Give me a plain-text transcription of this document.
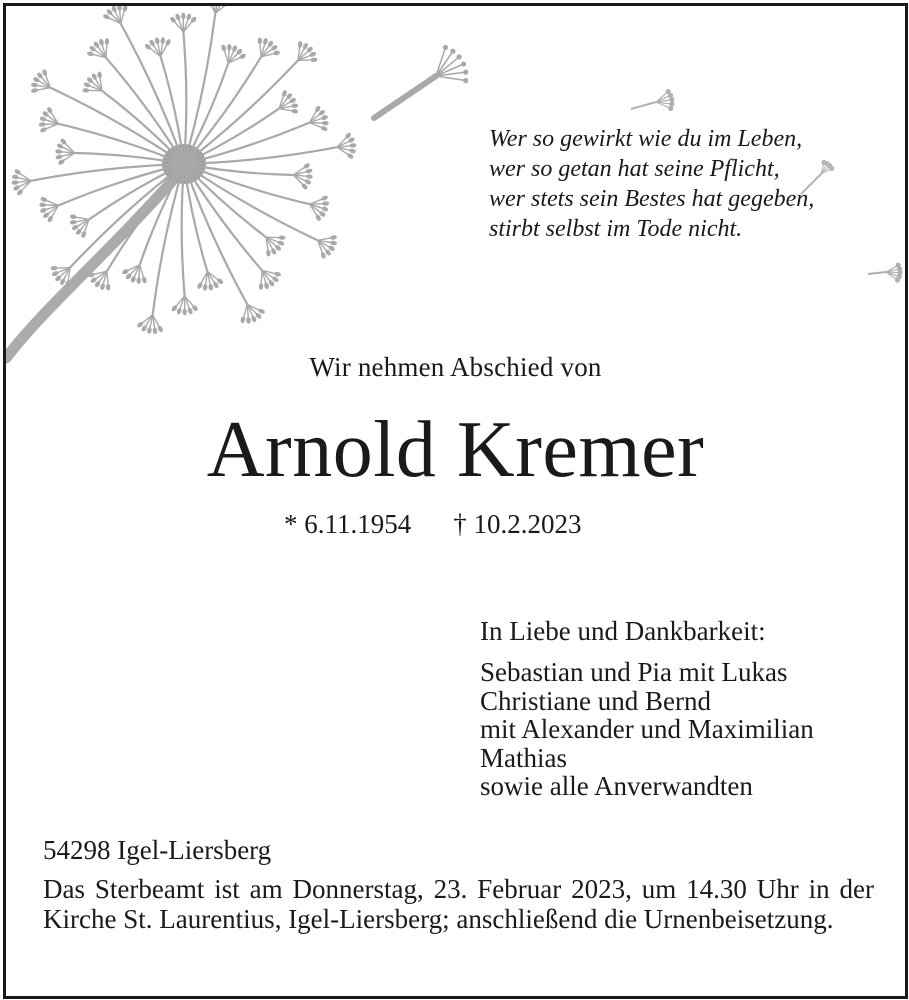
Wer so gewirkt wie du im Leben,
wer so getan hat seine Pflicht,
wer stets sein Bestes hat gegeben,
stirbt selbst im Tode nicht.
Wir nehmen Abschied von
Arnold Kremer
* 6.11.1954 † 10.2.2023
In Liebe und Dankbarkeit:
Sebastian und Pia mit Lukas
Christiane und Bernd
mit Alexander und Maximilian
Mathias
sowie alle Anverwandten
54298 Igel-Liersberg
Das Sterbeamt ist am Donnerstag, 23. Februar 2023, um 14.30 Uhr in der Kirche St. Laurentius, Igel-Liersberg; anschließend die Urnenbeisetzung.
